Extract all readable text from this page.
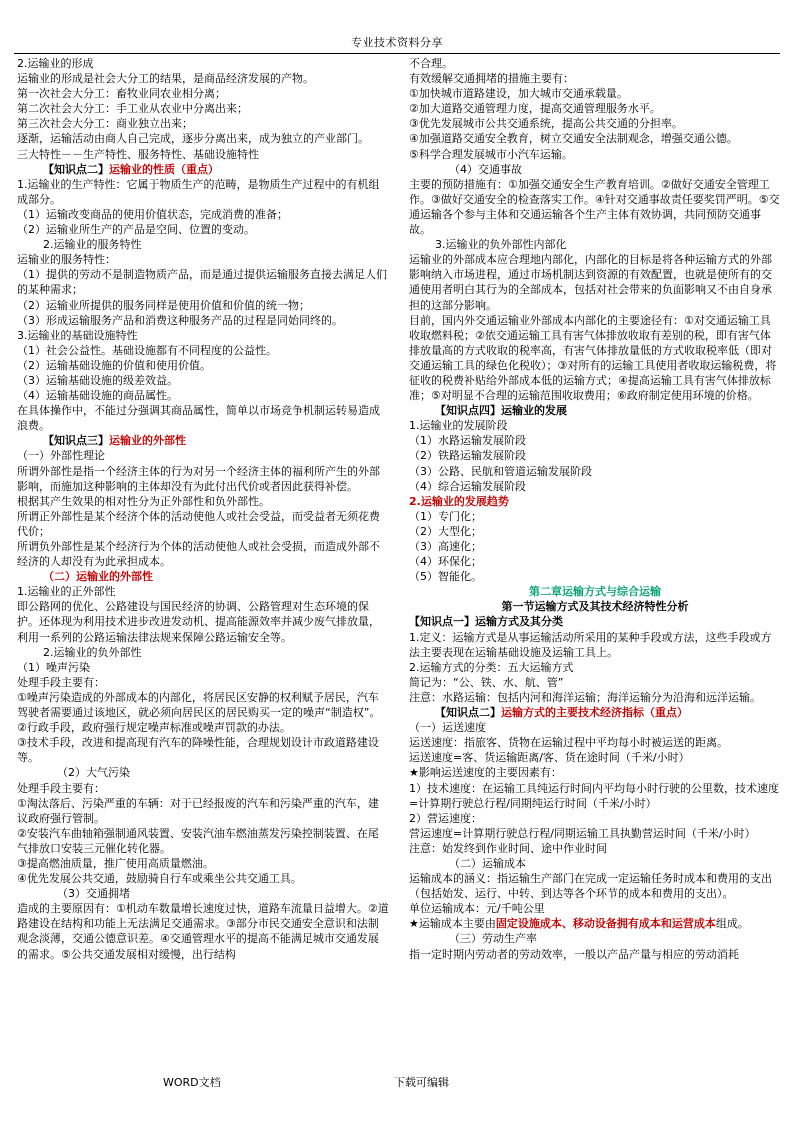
专业技术资料分享

2.运输业的形成

运输业的形成是社会大分工的结果，是商品经济发展的产物。

第一次社会大分工：畜牧业同农业相分离；

第二次社会大分工：手工业从农业中分离出来；

第三次社会大分工：商业独立出来；

逐渐，运输活动由商人自己完成，逐步分离出来，成为独立的产业部门。

三大特性－－生产特性、服务特性、基础设施特性

【知识点二】运输业的性质（重点）

1.运输业的生产特性：它属于物质生产的范畴，是物质生产过程中的有机组成部分。

（1）运输改变商品的使用价值状态，完成消费的准备；

（2）运输业所生产的产品是空间、位置的变动。

2.运输业的服务特性

运输业的服务特性：

（1）提供的劳动不是制造物质产品，而是通过提供运输服务直接去满足人们的某种需求；

（2）运输业所提供的服务同样是使用价值和价值的统一物；

（3）形成运输服务产品和消费这种服务产品的过程是同始同终的。

3.运输业的基础设施特性

（1）社会公益性。基础设施都有不同程度的公益性。

（2）运输基础设施的价值和使用价值。

（3）运输基础设施的级差效益。

（4）运输基础设施的商品属性。

在具体操作中，不能过分强调其商品属性，简单以市场竞争机制运转易造成浪费。

【知识点三】运输业的外部性

（一）外部性理论

所谓外部性是指一个经济主体的行为对另一个经济主体的福利所产生的外部影响，而施加这种影响的主体却没有为此付出代价或者因此获得补偿。

根据其产生效果的相对性分为正外部性和负外部性。

所谓正外部性是某个经济个体的活动使他人或社会受益，而受益者无须花费代价；

所谓负外部性是某个经济行为个体的活动使他人或社会受损，而造成外部不经济的人却没有为此承担成本。

（二）运输业的外部性

1.运输业的正外部性

即公路网的优化、公路建设与国民经济的协调、公路管理对生态环境的保护。还体现为利用技术进步改进发动机、提高能源效率并减少废气排放量，利用一系列的公路运输法律法规来保障公路运输安全等。

2.运输业的负外部性

（1）噪声污染

处理手段主要有：

①噪声污染造成的外部成本的内部化，将居民区安静的权利赋予居民，汽车驾驶者需要通过该地区，就必须向居民区的居民购买一定的噪声“制造权”。

②行政手段，政府强行规定噪声标准或噪声罚款的办法。

③技术手段，改进和提高现有汽车的降噪性能，合理规划设计市政道路建设等。

（2）大气污染

处理手段主要有：

①淘汰落后、污染严重的车辆：对于已经报废的汽车和污染严重的汽车，建议政府强行管制。

②安装汽车曲轴箱强制通风装置、安装汽油车燃油蒸发污染控制装置、在尾气排放口安装三元催化转化器。

③提高燃油质量，推广使用高质量燃油。

④优先发展公共交通，鼓励骑自行车或乘坐公共交通工具。

（3）交通拥堵

造成的主要原因有：①机动车数量增长速度过快，道路车流量日益增大。②道路建设在结构和功能上无法满足交通需求。③部分市民交通安全意识和法制观念淡薄，交通公德意识差。④交通管理水平的提高不能满足城市交通发展的需求。⑤公共交通发展相对缓慢，出行结构

不合理。

有效缓解交通拥堵的措施主要有：

①加快城市道路建设，加大城市交通承载量。

②加大道路交通管理力度，提高交通管理服务水平。

③优先发展城市公共交通系统，提高公共交通的分担率。

④加强道路交通安全教育，树立交通安全法制观念，增强交通公德。

⑤科学合理发展城市小汽车运输。

（4）交通事故

主要的预防措施有：①加强交通安全生产教育培训。②做好交通安全管理工作。③做好交通安全的检查落实工作。④针对交通事故责任要奖罚严明。⑤交通运输各个参与主体和交通运输各个生产主体有效协调，共同预防交通事故。

3.运输业的负外部性内部化

运输业的外部成本应合理地内部化，内部化的目标是将各种运输方式的外部影响纳入市场进程，通过市场机制达到资源的有效配置，也就是使所有的交通使用者明白其行为的全部成本，包括对社会带来的负面影响又不由自身承担的这部分影响。

目前，国内外交通运输业外部成本内部化的主要途径有：①对交通运输工具收取燃料税；②依交通运输工具有害气体排放收取有差别的税，即有害气体排放量高的方式收取的税率高，有害气体排放量低的方式收取税率低（即对交通运输工具的绿色化税收）；③对所有的运输工具使用者收取运输税费，将征收的税费补贴给外部成本低的运输方式；④提高运输工具有害气体排放标准；⑤对明显不合理的运输范围收取费用；⑥政府制定使用环境的价格。

【知识点四】运输业的发展

1.运输业的发展阶段

（1）水路运输发展阶段

（2）铁路运输发展阶段

（3）公路、民航和管道运输发展阶段

（4）综合运输发展阶段

2.运输业的发展趋势

（1）专门化；

（2）大型化；

（3）高速化；

（4）环保化；

（5）智能化。

第二章运输方式与综合运输

第一节运输方式及其技术经济特性分析

【知识点一】运输方式及其分类

1.定义：运输方式是从事运输活动所采用的某种手段或方法，这些手段或方法主要表现在运输基础设施及运输工具上。

2.运输方式的分类：五大运输方式

简记为：“公、铁、水、航、管”

注意：水路运输：包括内河和海洋运输；海洋运输分为沿海和远洋运输。

【知识点二】运输方式的主要技术经济指标（重点）

（一）运送速度

运送速度：指旅客、货物在运输过程中平均每小时被运送的距离。

运送速度=客、货运输距离/客、货在途时间（千米/小时）

★影响运送速度的主要因素有：

1）技术速度：在运输工具纯运行时间内平均每小时行驶的公里数，技术速度=计算期行驶总行程/同期纯运行时间（千米/小时）

2）营运速度：

营运速度=计算期行驶总行程/同期运输工具执勤营运时间（千米/小时）

注意：始发终到作业时间、途中作业时间

（二）运输成本

运输成本的涵义：指运输生产部门在完成一定运输任务时成本和费用的支出（包括始发、运行、中转、到达等各个环节的成本和费用的支出）。

单位运输成本：元/千吨公里

★运输成本主要由固定设施成本、移动设备拥有成本和运营成本组成。

（三）劳动生产率

指一定时期内劳动者的劳动效率，一般以产品产量与相应的劳动消耗

WORD文档	下载可编辑
